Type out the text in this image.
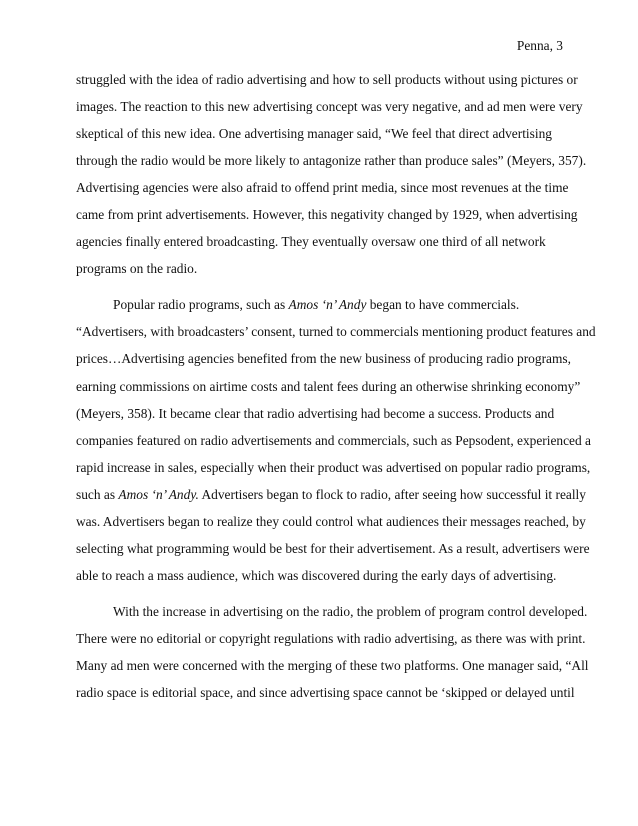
Penna, 3
struggled with the idea of radio advertising and how to sell products without using pictures or
images. The reaction to this new advertising concept was very negative, and ad men were very
skeptical of this new idea. One advertising manager said, “We feel that direct advertising
through the radio would be more likely to antagonize rather than produce sales” (Meyers, 357).
Advertising agencies were also afraid to offend print media, since most revenues at the time
came from print advertisements. However, this negativity changed by 1929, when advertising
agencies finally entered broadcasting. They eventually oversaw one third of all network
programs on the radio.
Popular radio programs, such as Amos ‘n’ Andy began to have commercials.
“Advertisers, with broadcasters’ consent, turned to commercials mentioning product features and
prices…Advertising agencies benefited from the new business of producing radio programs,
earning commissions on airtime costs and talent fees during an otherwise shrinking economy”
(Meyers, 358). It became clear that radio advertising had become a success. Products and
companies featured on radio advertisements and commercials, such as Pepsodent, experienced a
rapid increase in sales, especially when their product was advertised on popular radio programs,
such as Amos ‘n’ Andy. Advertisers began to flock to radio, after seeing how successful it really
was. Advertisers began to realize they could control what audiences their messages reached, by
selecting what programming would be best for their advertisement. As a result, advertisers were
able to reach a mass audience, which was discovered during the early days of advertising.
With the increase in advertising on the radio, the problem of program control developed.
There were no editorial or copyright regulations with radio advertising, as there was with print.
Many ad men were concerned with the merging of these two platforms. One manager said, “All
radio space is editorial space, and since advertising space cannot be ‘skipped or delayed until
